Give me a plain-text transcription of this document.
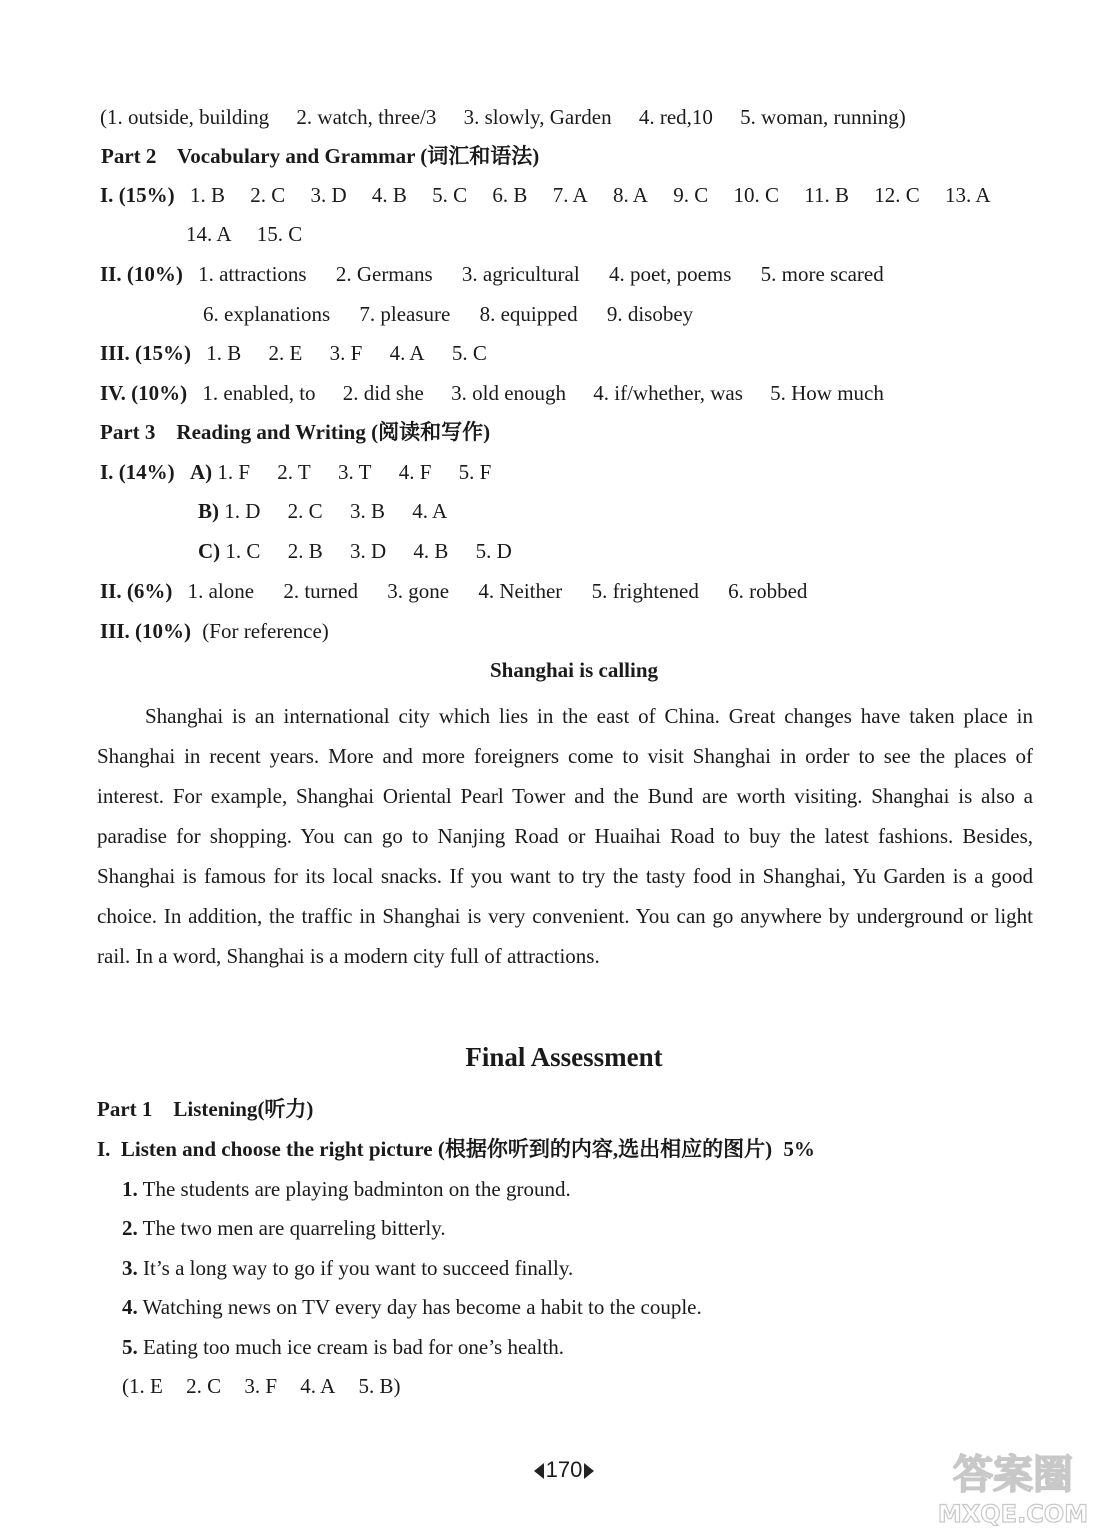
(1. outside, building 2. watch, three/3 3. slowly, Garden 4. red,10 5. woman, running)
Part 2 Vocabulary and Grammar (词汇和语法)
I. (15%) 1. B 2. C 3. D 4. B 5. C 6. B 7. A 8. A 9. C 10. C 11. B 12. C 13. A
14. A 15. C
II. (10%) 1. attractions 2. Germans 3. agricultural 4. poet, poems 5. more scared
6. explanations 7. pleasure 8. equipped 9. disobey
III. (15%) 1. B 2. E 3. F 4. A 5. C
IV. (10%) 1. enabled, to 2. did she 3. old enough 4. if/whether, was 5. How much
Part 3 Reading and Writing (阅读和写作)
I. (14%) A) 1. F 2. T 3. T 4. F 5. F
B) 1. D 2. C 3. B 4. A
C) 1. C 2. B 3. D 4. B 5. D
II. (6%) 1. alone 2. turned 3. gone 4. Neither 5. frightened 6. robbed
III. (10%) (For reference)
Shanghai is calling

Shanghai is an international city which lies in the east of China. Great changes have taken place in Shanghai in recent years. More and more foreigners come to visit Shanghai in order to see the places of interest. For example, Shanghai Oriental Pearl Tower and the Bund are worth visiting. Shanghai is also a paradise for shopping. You can go to Nanjing Road or Huaihai Road to buy the latest fashions. Besides, Shanghai is famous for its local snacks. If you want to try the tasty food in Shanghai, Yu Garden is a good choice. In addition, the traffic in Shanghai is very convenient. You can go anywhere by underground or light rail. In a word, Shanghai is a modern city full of attractions.

Final Assessment
Part 1 Listening(听力)
I.  Listen and choose the right picture (根据你听到的内容,选出相应的图片) 5%
1. The students are playing badminton on the ground.
2. The two men are quarreling bitterly.
3. It’s a long way to go if you want to succeed finally.
4. Watching news on TV every day has become a habit to the couple.
5. Eating too much ice cream is bad for one’s health.
(1. E 2. C 3. F 4. A 5. B)
170	答案圈
MXQE.COM
